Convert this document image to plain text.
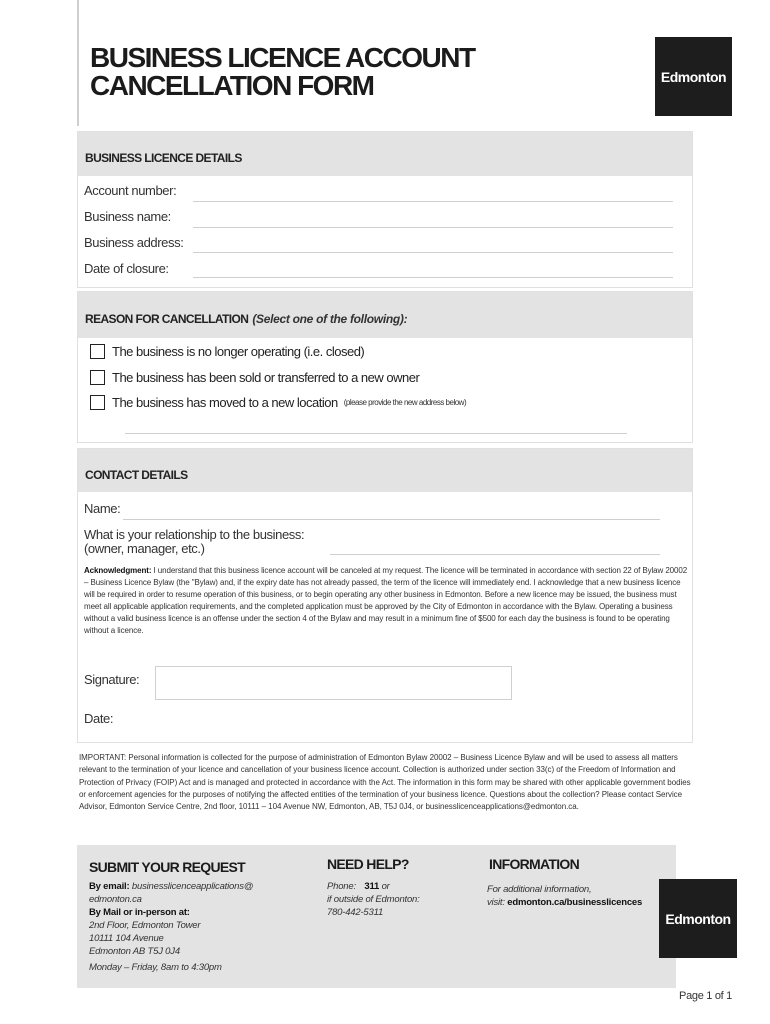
BUSINESS LICENCE ACCOUNT
CANCELLATION FORM	Edmonton
BUSINESS LICENCE DETAILS
Account number:
Business name:
Business address:
Date of closure:
REASON FOR CANCELLATION (Select one of the following):
The business is no longer operating (i.e. closed)
The business has been sold or transferred to a new owner
The business has moved to a new location (please provide the new address below)
CONTACT DETAILS
Name:
What is your relationship to the business:
(owner, manager, etc.)
Acknowledgment: I understand that this business licence account will be canceled at my request. The licence will be terminated in accordance with section 22 of Bylaw 20002 – Business Licence Bylaw (the "Bylaw) and, if the expiry date has not already passed, the term of the licence will immediately end. I acknowledge that a new business licence will be required in order to resume operation of this business, or to begin operating any other business in Edmonton. Before a new licence may be issued, the business must meet all applicable application requirements, and the completed application must be approved by the City of Edmonton in accordance with the Bylaw. Operating a business without a valid business licence is an offense under the section 4 of the Bylaw and may result in a minimum fine of $500 for each day the business is found to be operating without a licence.
Signature:
Date:
IMPORTANT: Personal information is collected for the purpose of administration of Edmonton Bylaw 20002 – Business Licence Bylaw and will be used to assess all matters relevant to the termination of your licence and cancellation of your business licence account. Collection is authorized under section 33(c) of the Freedom of Information and Protection of Privacy (FOIP) Act and is managed and protected in accordance with the Act. The information in this form may be shared with other applicable government bodies or enforcement agencies for the purposes of notifying the affected entities of the termination of your business licence. Questions about the collection? Please contact Service Advisor, Edmonton Service Centre, 2nd floor, 10111 – 104 Avenue NW, Edmonton, AB, T5J 0J4, or businesslicenceapplications@edmonton.ca.
SUBMIT YOUR REQUEST
By email: businesslicenceapplications@
edmonton.ca
By Mail or in-person at:
2nd Floor, Edmonton Tower
10111 104 Avenue
Edmonton AB T5J 0J4
Monday – Friday, 8am to 4:30pm
NEED HELP?
Phone: 311 or
if outside of Edmonton:
780-442-5311
INFORMATION
For additional information,
visit: edmonton.ca/businesslicences
Edmonton
Page 1 of 1
